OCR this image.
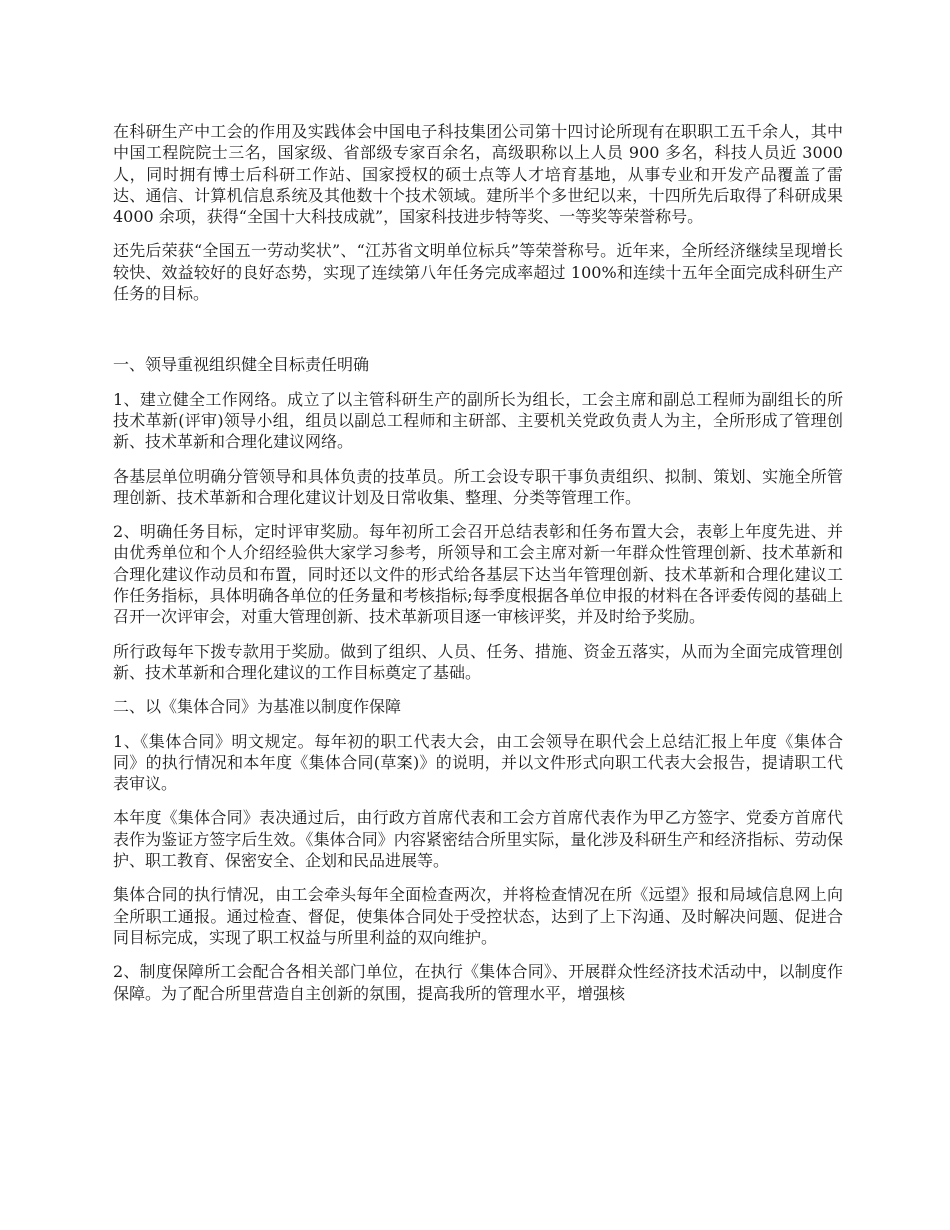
在科研生产中工会的作用及实践体会中国电子科技集团公司第十四讨论所现有在职职工五千余人，其中中国工程院院士三名，国家级、省部级专家百余名，高级职称以上人员 900 多名，科技人员近 3000 人，同时拥有博士后科研工作站、国家授权的硕士点等人才培育基地，从事专业和开发产品覆盖了雷达、通信、计算机信息系统及其他数十个技术领域。建所半个多世纪以来，十四所先后取得了科研成果 4000 余项，获得“全国十大科技成就”，国家科技进步特等奖、一等奖等荣誉称号。

还先后荣获“全国五一劳动奖状”、“江苏省文明单位标兵”等荣誉称号。近年来，全所经济继续呈现增长较快、效益较好的良好态势，实现了连续第八年任务完成率超过 100%和连续十五年全面完成科研生产任务的目标。

一、领导重视组织健全目标责任明确

1、建立健全工作网络。成立了以主管科研生产的副所长为组长，工会主席和副总工程师为副组长的所技术革新(评审)领导小组，组员以副总工程师和主研部、主要机关党政负责人为主，全所形成了管理创新、技术革新和合理化建议网络。

各基层单位明确分管领导和具体负责的技革员。所工会设专职干事负责组织、拟制、策划、实施全所管理创新、技术革新和合理化建议计划及日常收集、整理、分类等管理工作。

2、明确任务目标，定时评审奖励。每年初所工会召开总结表彰和任务布置大会，表彰上年度先进、并由优秀单位和个人介绍经验供大家学习参考，所领导和工会主席对新一年群众性管理创新、技术革新和合理化建议作动员和布置，同时还以文件的形式给各基层下达当年管理创新、技术革新和合理化建议工作任务指标，具体明确各单位的任务量和考核指标;每季度根据各单位申报的材料在各评委传阅的基础上召开一次评审会，对重大管理创新、技术革新项目逐一审核评奖，并及时给予奖励。

所行政每年下拨专款用于奖励。做到了组织、人员、任务、措施、资金五落实，从而为全面完成管理创新、技术革新和合理化建议的工作目标奠定了基础。

二、以《集体合同》为基准以制度作保障

1、《集体合同》明文规定。每年初的职工代表大会，由工会领导在职代会上总结汇报上年度《集体合同》的执行情况和本年度《集体合同(草案)》的说明，并以文件形式向职工代表大会报告，提请职工代表审议。

本年度《集体合同》表决通过后，由行政方首席代表和工会方首席代表作为甲乙方签字、党委方首席代表作为鉴证方签字后生效。《集体合同》内容紧密结合所里实际，量化涉及科研生产和经济指标、劳动保护、职工教育、保密安全、企划和民品进展等。

集体合同的执行情况，由工会牵头每年全面检查两次，并将检查情况在所《远望》报和局域信息网上向全所职工通报。通过检查、督促，使集体合同处于受控状态，达到了上下沟通、及时解决问题、促进合同目标完成，实现了职工权益与所里利益的双向维护。

2、制度保障所工会配合各相关部门单位，在执行《集体合同》、开展群众性经济技术活动中，以制度作保障。为了配合所里营造自主创新的氛围，提高我所的管理水平，增强核
